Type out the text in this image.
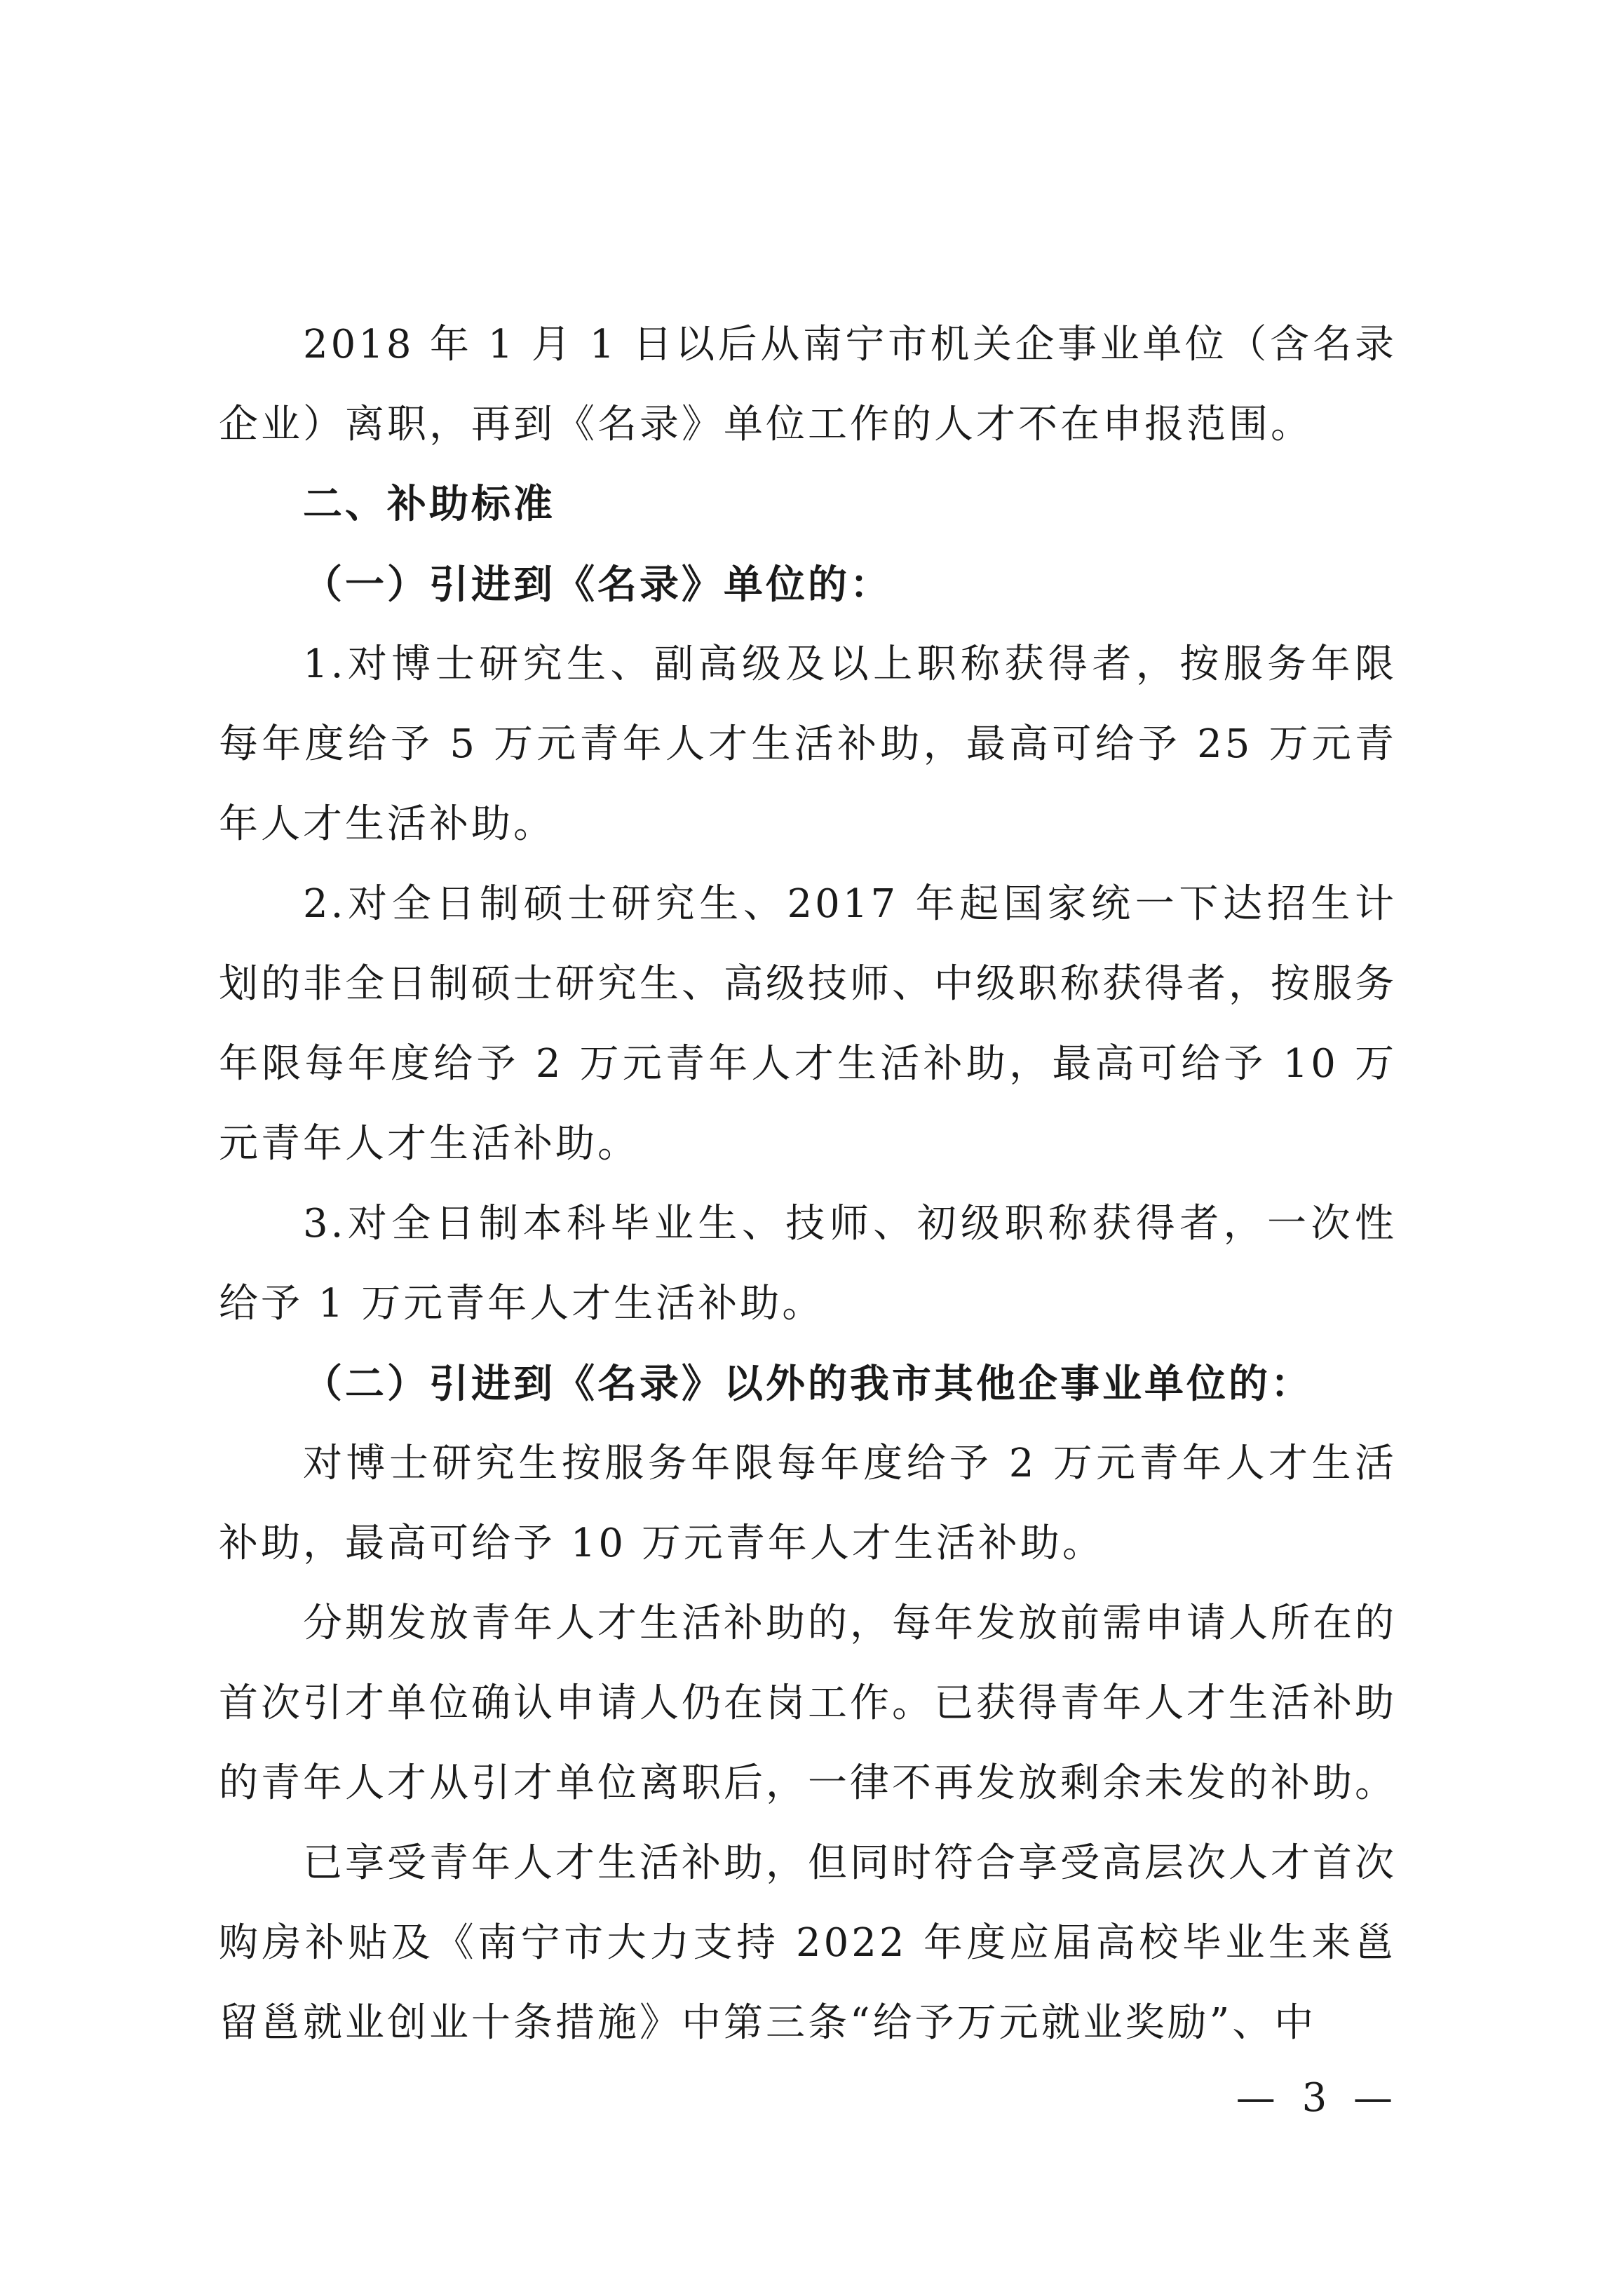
2018 年 1 月 1 日以后从南宁市机关企事业单位（含名录企业）离职，再到《名录》单位工作的人才不在申报范围。

二、补助标准

（一）引进到《名录》单位的：

1.对博士研究生、副高级及以上职称获得者，按服务年限每年度给予 5 万元青年人才生活补助，最高可给予 25 万元青年人才生活补助。

2.对全日制硕士研究生、2017 年起国家统一下达招生计划的非全日制硕士研究生、高级技师、中级职称获得者，按服务年限每年度给予 2 万元青年人才生活补助，最高可给予 10 万元青年人才生活补助。

3.对全日制本科毕业生、技师、初级职称获得者，一次性给予 1 万元青年人才生活补助。

（二）引进到《名录》以外的我市其他企事业单位的：

对博士研究生按服务年限每年度给予 2 万元青年人才生活补助，最高可给予 10 万元青年人才生活补助。

分期发放青年人才生活补助的，每年发放前需申请人所在的首次引才单位确认申请人仍在岗工作。已获得青年人才生活补助的青年人才从引才单位离职后，一律不再发放剩余未发的补助。

已享受青年人才生活补助，但同时符合享受高层次人才首次购房补贴及《南宁市大力支持 2022 年度应届高校毕业生来邕留邕就业创业十条措施》中第三条“给予万元就业奖励”、中

— 3 —
